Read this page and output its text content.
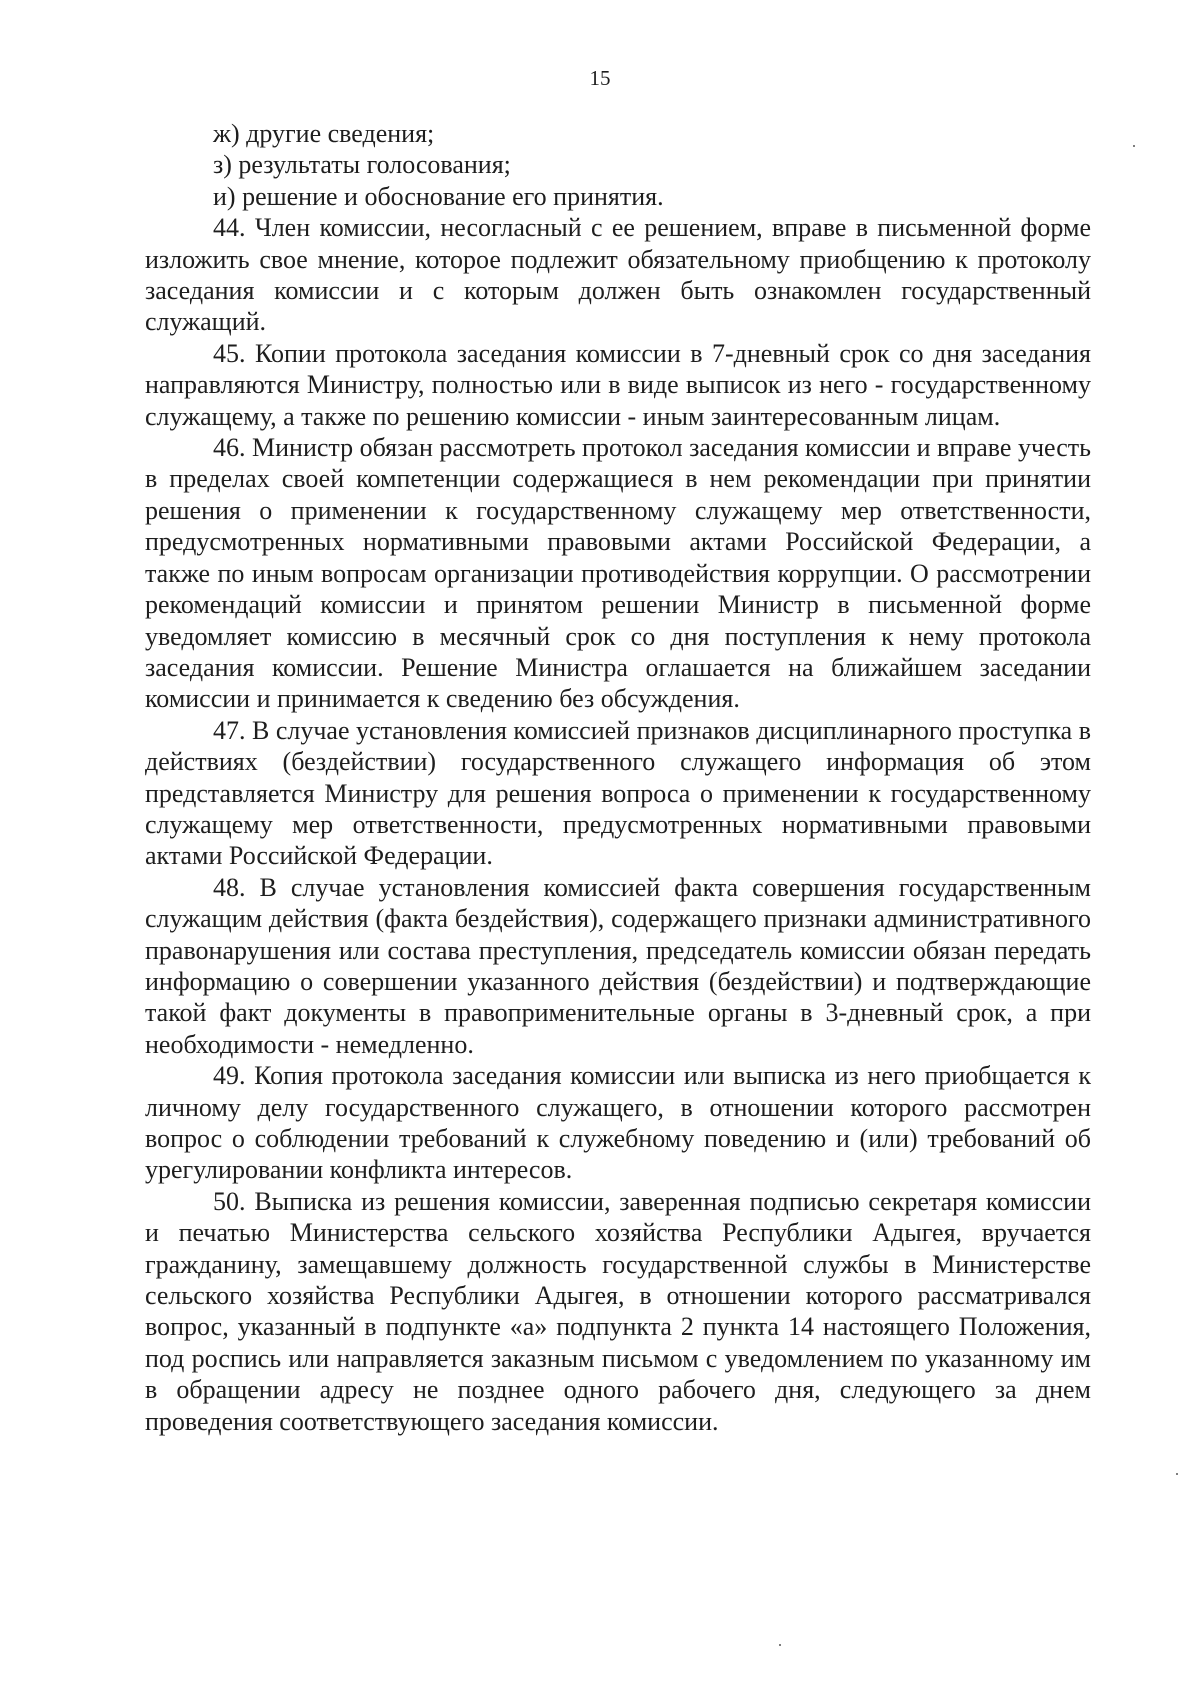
15
ж) другие сведения;
з) результаты голосования;
и) решение и обоснование его принятия.

44. Член комиссии, несогласный с ее решением, вправе в письменной форме изложить свое мнение, которое подлежит обязательному приобщению к протоколу заседания комиссии и с которым должен быть ознакомлен государственный служащий.

45. Копии протокола заседания комиссии в 7-дневный срок со дня заседания направляются Министру, полностью или в виде выписок из него - государственному служащему, а также по решению комиссии - иным заинтересованным лицам.

46. Министр обязан рассмотреть протокол заседания комиссии и вправе учесть в пределах своей компетенции содержащиеся в нем рекомендации при принятии решения о применении к государственному служащему мер ответственности, предусмотренных нормативными правовыми актами Российской Федерации, а также по иным вопросам организации противодействия коррупции. О рассмотрении рекомендаций комиссии и принятом решении Министр в письменной форме уведомляет комиссию в месячный срок со дня поступления к нему протокола заседания комиссии. Решение Министра оглашается на ближайшем заседании комиссии и принимается к сведению без обсуждения.

47. В случае установления комиссией признаков дисциплинарного проступка в действиях (бездействии) государственного служащего информация об этом представляется Министру для решения вопроса о применении к государственному служащему мер ответственности, предусмотренных нормативными правовыми актами Российской Федерации.

48. В случае установления комиссией факта совершения государственным служащим действия (факта бездействия), содержащего признаки административного правонарушения или состава преступления, председатель комиссии обязан передать информацию о совершении указанного действия (бездействии) и подтверждающие такой факт документы в правоприменительные органы в 3-дневный срок, а при необходимости - немедленно.

49. Копия протокола заседания комиссии или выписка из него приобщается к личному делу государственного служащего, в отношении которого рассмотрен вопрос о соблюдении требований к служебному поведению и (или) требований об урегулировании конфликта интересов.

50. Выписка из решения комиссии, заверенная подписью секретаря комиссии и печатью Министерства сельского хозяйства Республики Адыгея, вручается гражданину, замещавшему должность государственной службы в Министерстве сельского хозяйства Республики Адыгея, в отношении которого рассматривался вопрос, указанный в подпункте «а» подпункта 2 пункта 14 настоящего Положения, под роспись или направляется заказным письмом с уведомлением по указанному им в обращении адресу не позднее одного рабочего дня, следующего за днем проведения соответствующего заседания комиссии.
